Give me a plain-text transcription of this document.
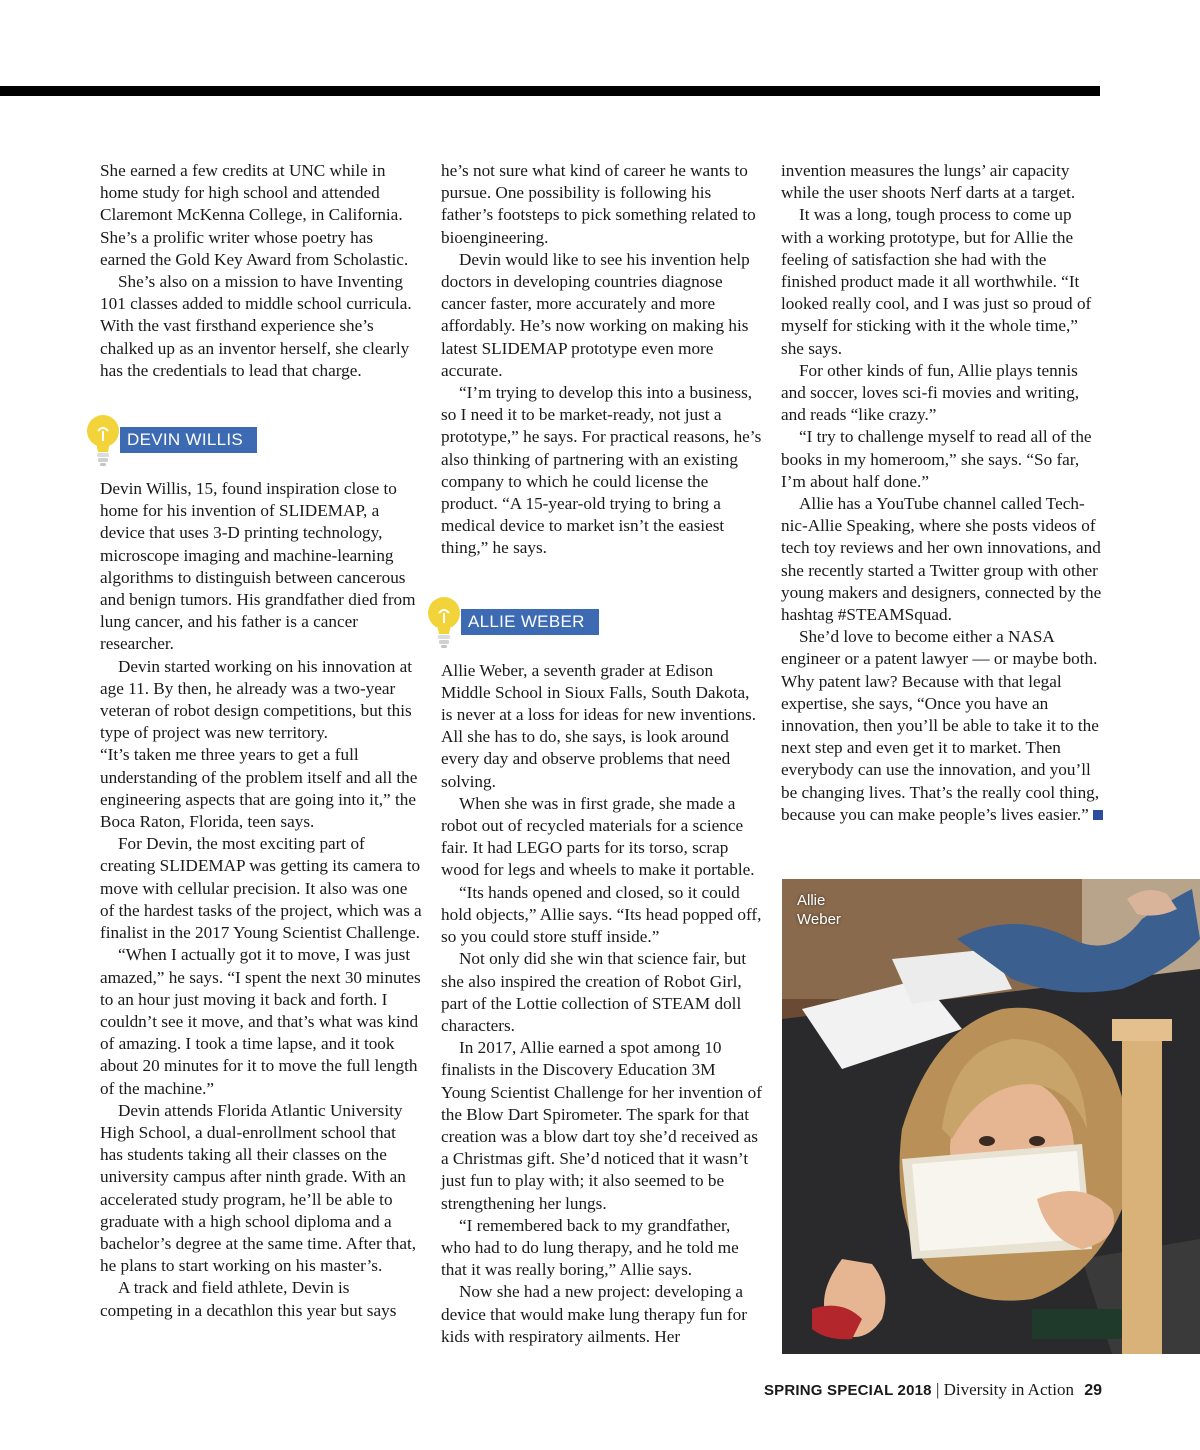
She earned a few credits at UNC while in home study for high school and attended Claremont McKenna College, in California. She’s a prolific writer whose poetry has earned the Gold Key Award from Scholastic.

She’s also on a mission to have Inventing 101 classes added to middle school curricula. With the vast firsthand experience she’s chalked up as an inventor herself, she clearly has the credentials to lead that charge.

DEVIN WILLIS

Devin Willis, 15, found inspiration close to home for his invention of SLIDEMAP, a device that uses 3-D printing technology, microscope imaging and machine-learning algorithms to distinguish between cancerous and benign tumors. His grandfather died from lung cancer, and his father is a cancer researcher.

Devin started working on his innovation at age 11. By then, he already was a two-year veteran of robot design competitions, but this type of project was new territory.

“It’s taken me three years to get a full understanding of the problem itself and all the engineering aspects that are going into it,” the Boca Raton, Florida, teen says.

For Devin, the most exciting part of creating SLIDEMAP was getting its camera to move with cellular precision. It also was one of the hardest tasks of the project, which was a finalist in the 2017 Young Scientist Challenge.

“When I actually got it to move, I was just amazed,” he says. “I spent the next 30 minutes to an hour just moving it back and forth. I couldn’t see it move, and that’s what was kind of amazing. I took a time lapse, and it took about 20 minutes for it to move the full length of the machine.”

Devin attends Florida Atlantic University High School, a dual-enrollment school that has students taking all their classes on the university campus after ninth grade. With an accelerated study program, he’ll be able to graduate with a high school diploma and a bachelor’s degree at the same time. After that, he plans to start working on his master’s.

A track and field athlete, Devin is competing in a decathlon this year but says

he’s not sure what kind of career he wants to pursue. One possibility is following his father’s footsteps to pick something related to bioengineering.

Devin would like to see his invention help doctors in developing countries diagnose cancer faster, more accurately and more affordably. He’s now working on making his latest SLIDEMAP prototype even more accurate.

“I’m trying to develop this into a business, so I need it to be market-ready, not just a prototype,” he says. For practical reasons, he’s also thinking of partnering with an existing company to which he could license the product. “A 15-year-old trying to bring a medical device to market isn’t the easiest thing,” he says.

ALLIE WEBER

Allie Weber, a seventh grader at Edison Middle School in Sioux Falls, South Dakota, is never at a loss for ideas for new inventions. All she has to do, she says, is look around every day and observe problems that need solving.

When she was in first grade, she made a robot out of recycled materials for a science fair. It had LEGO parts for its torso, scrap wood for legs and wheels to make it portable.

“Its hands opened and closed, so it could hold objects,” Allie says. “Its head popped off, so you could store stuff inside.”

Not only did she win that science fair, but she also inspired the creation of Robot Girl, part of the Lottie collection of STEAM doll characters.

In 2017, Allie earned a spot among 10 finalists in the Discovery Education 3M Young Scientist Challenge for her invention of the Blow Dart Spirometer. The spark for that creation was a blow dart toy she’d received as a Christmas gift. She’d noticed that it wasn’t just fun to play with; it also seemed to be strengthening her lungs.

“I remembered back to my grandfather, who had to do lung therapy, and he told me that it was really boring,” Allie says.

Now she had a new project: developing a device that would make lung therapy fun for kids with respiratory ailments. Her

invention measures the lungs’ air capacity while the user shoots Nerf darts at a target.

It was a long, tough process to come up with a working prototype, but for Allie the feeling of satisfaction she had with the finished product made it all worthwhile. “It looked really cool, and I was just so proud of myself for sticking with it the whole time,” she says.

For other kinds of fun, Allie plays tennis and soccer, loves sci-fi movies and writing, and reads “like crazy.”

“I try to challenge myself to read all of the books in my homeroom,” she says. “So far, I’m about half done.”

Allie has a YouTube channel called Tech-nic-Allie Speaking, where she posts videos of tech toy reviews and her own innovations, and she recently started a Twitter group with other young makers and designers, connected by the hashtag #STEAMSquad.

She’d love to become either a NASA engineer or a patent lawyer — or maybe both. Why patent law? Because with that legal expertise, she says, “Once you have an innovation, then you’ll be able to take it to the next step and even get it to market. Then everybody can use the innovation, and you’ll be changing lives. That’s the really cool thing, because you can make people’s lives easier.”

Allie
Weber
SPRING SPECIAL 2018 | Diversity in Action 29
